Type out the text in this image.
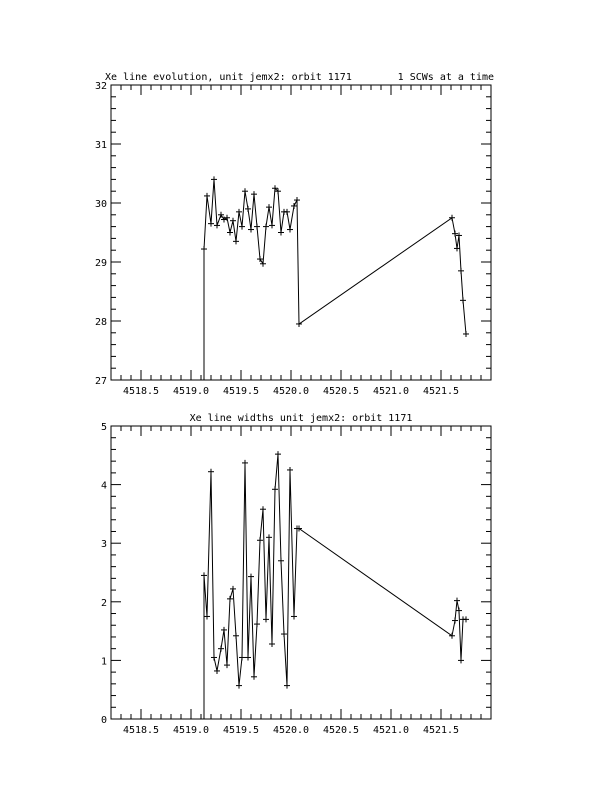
Xe line evolution, unit jemx2: orbit 1171	1 SCWs at a time
4518.5 4519.0 4519.5 4520.0 4520.5 4521.0 4521.5
27
28
29
30
31
32
Xe line widths unit jemx2: orbit 1171
4518.5 4519.0 4519.5 4520.0 4520.5 4521.0 4521.5
0
1
2
3
4
5
